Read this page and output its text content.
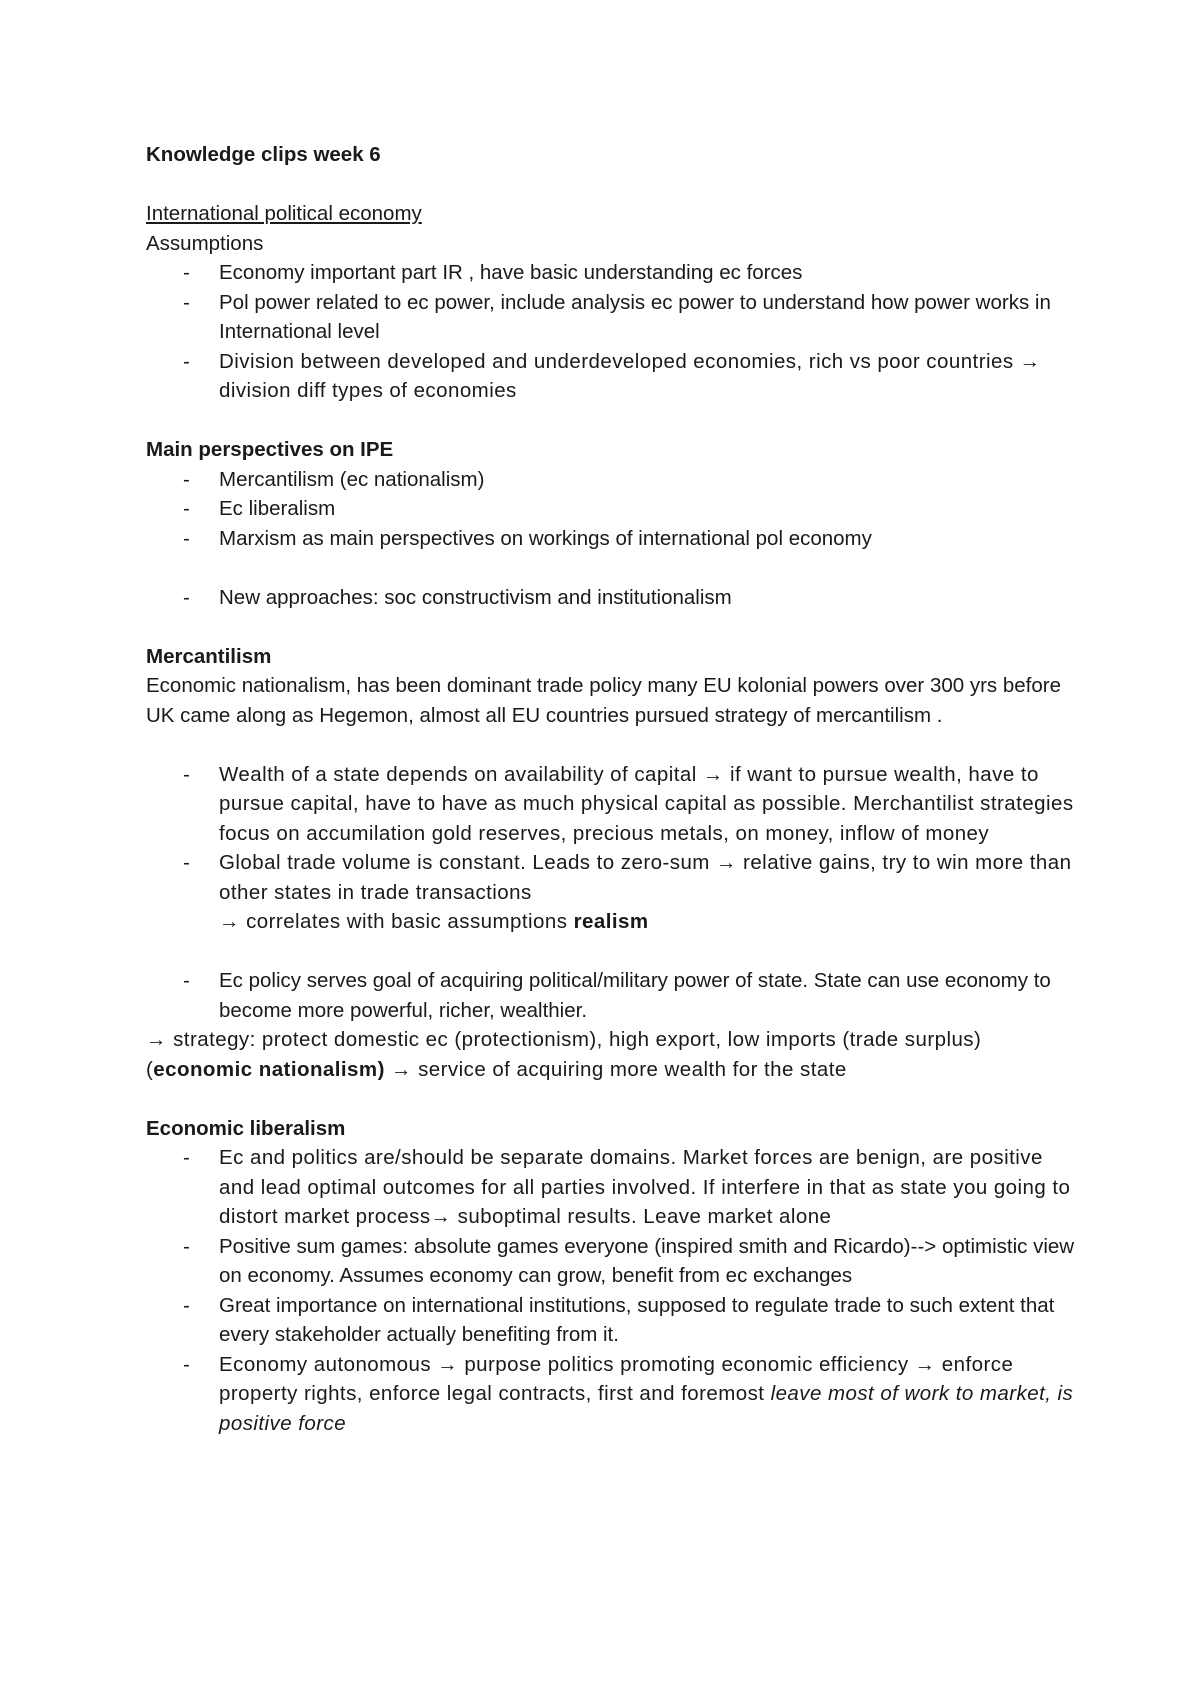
Knowledge clips week 6
International political economy
Assumptions
- Economy important part IR , have basic understanding ec forces
- Pol power related to ec power, include analysis ec power to understand how power works in International level
- Division between developed and underdeveloped economies, rich vs poor countries → division diff types of economies
Main perspectives on IPE
- Mercantilism (ec nationalism)
- Ec liberalism
- Marxism as main perspectives on workings of international pol economy
- New approaches: soc constructivism and institutionalism
Mercantilism
Economic nationalism, has been dominant trade policy many EU kolonial powers over 300 yrs before UK came along as Hegemon, almost all EU countries pursued strategy of mercantilism .
- Wealth of a state depends on availability of capital → if want to pursue wealth, have to pursue capital, have to have as much physical capital as possible. Merchantilist strategies focus on accumilation gold reserves, precious metals, on money, inflow of money
- Global trade volume is constant. Leads to zero-sum → relative gains, try to win more than other states in trade transactions
→ correlates with basic assumptions realism
- Ec policy serves goal of acquiring political/military power of state. State can use economy to become more powerful, richer, wealthier.
→ strategy: protect domestic ec (protectionism), high export, low imports (trade surplus) (economic nationalism) → service of acquiring more wealth for the state
Economic liberalism
- Ec and politics are/should be separate domains. Market forces are benign, are positive and lead optimal outcomes for all parties involved. If interfere in that as state you going to distort market process→ suboptimal results. Leave market alone
- Positive sum games: absolute games everyone (inspired smith and Ricardo)--> optimistic view on economy. Assumes economy can grow, benefit from ec exchanges
- Great importance on international institutions, supposed to regulate trade to such extent that every stakeholder actually benefiting from it.
- Economy autonomous → purpose politics promoting economic efficiency → enforce property rights, enforce legal contracts, first and foremost leave most of work to market, is positive force
